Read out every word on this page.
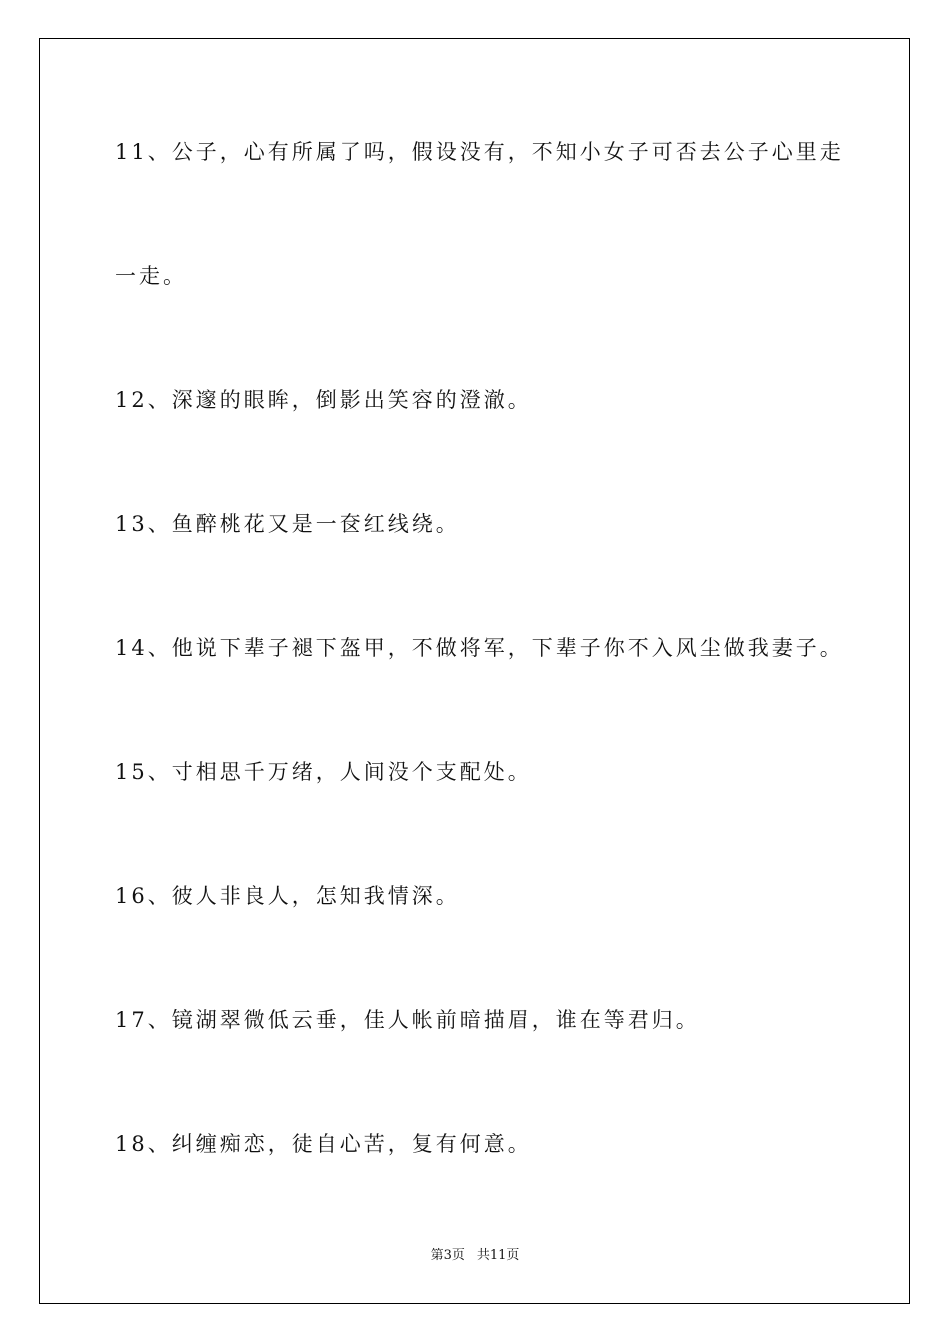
11、公子，心有所属了吗，假设没有，不知小女子可否去公子心里走
一走。
12、深邃的眼眸，倒影出笑容的澄澈。
13、鱼醉桃花又是一奁红线绕。
14、他说下辈子褪下盔甲，不做将军，下辈子你不入风尘做我妻子。
15、寸相思千万绪，人间没个支配处。
16、彼人非良人，怎知我情深。
17、镜湖翠微低云垂，佳人帐前暗描眉，谁在等君归。
18、纠缠痴恋，徒自心苦，复有何意。
第3页 共11页
